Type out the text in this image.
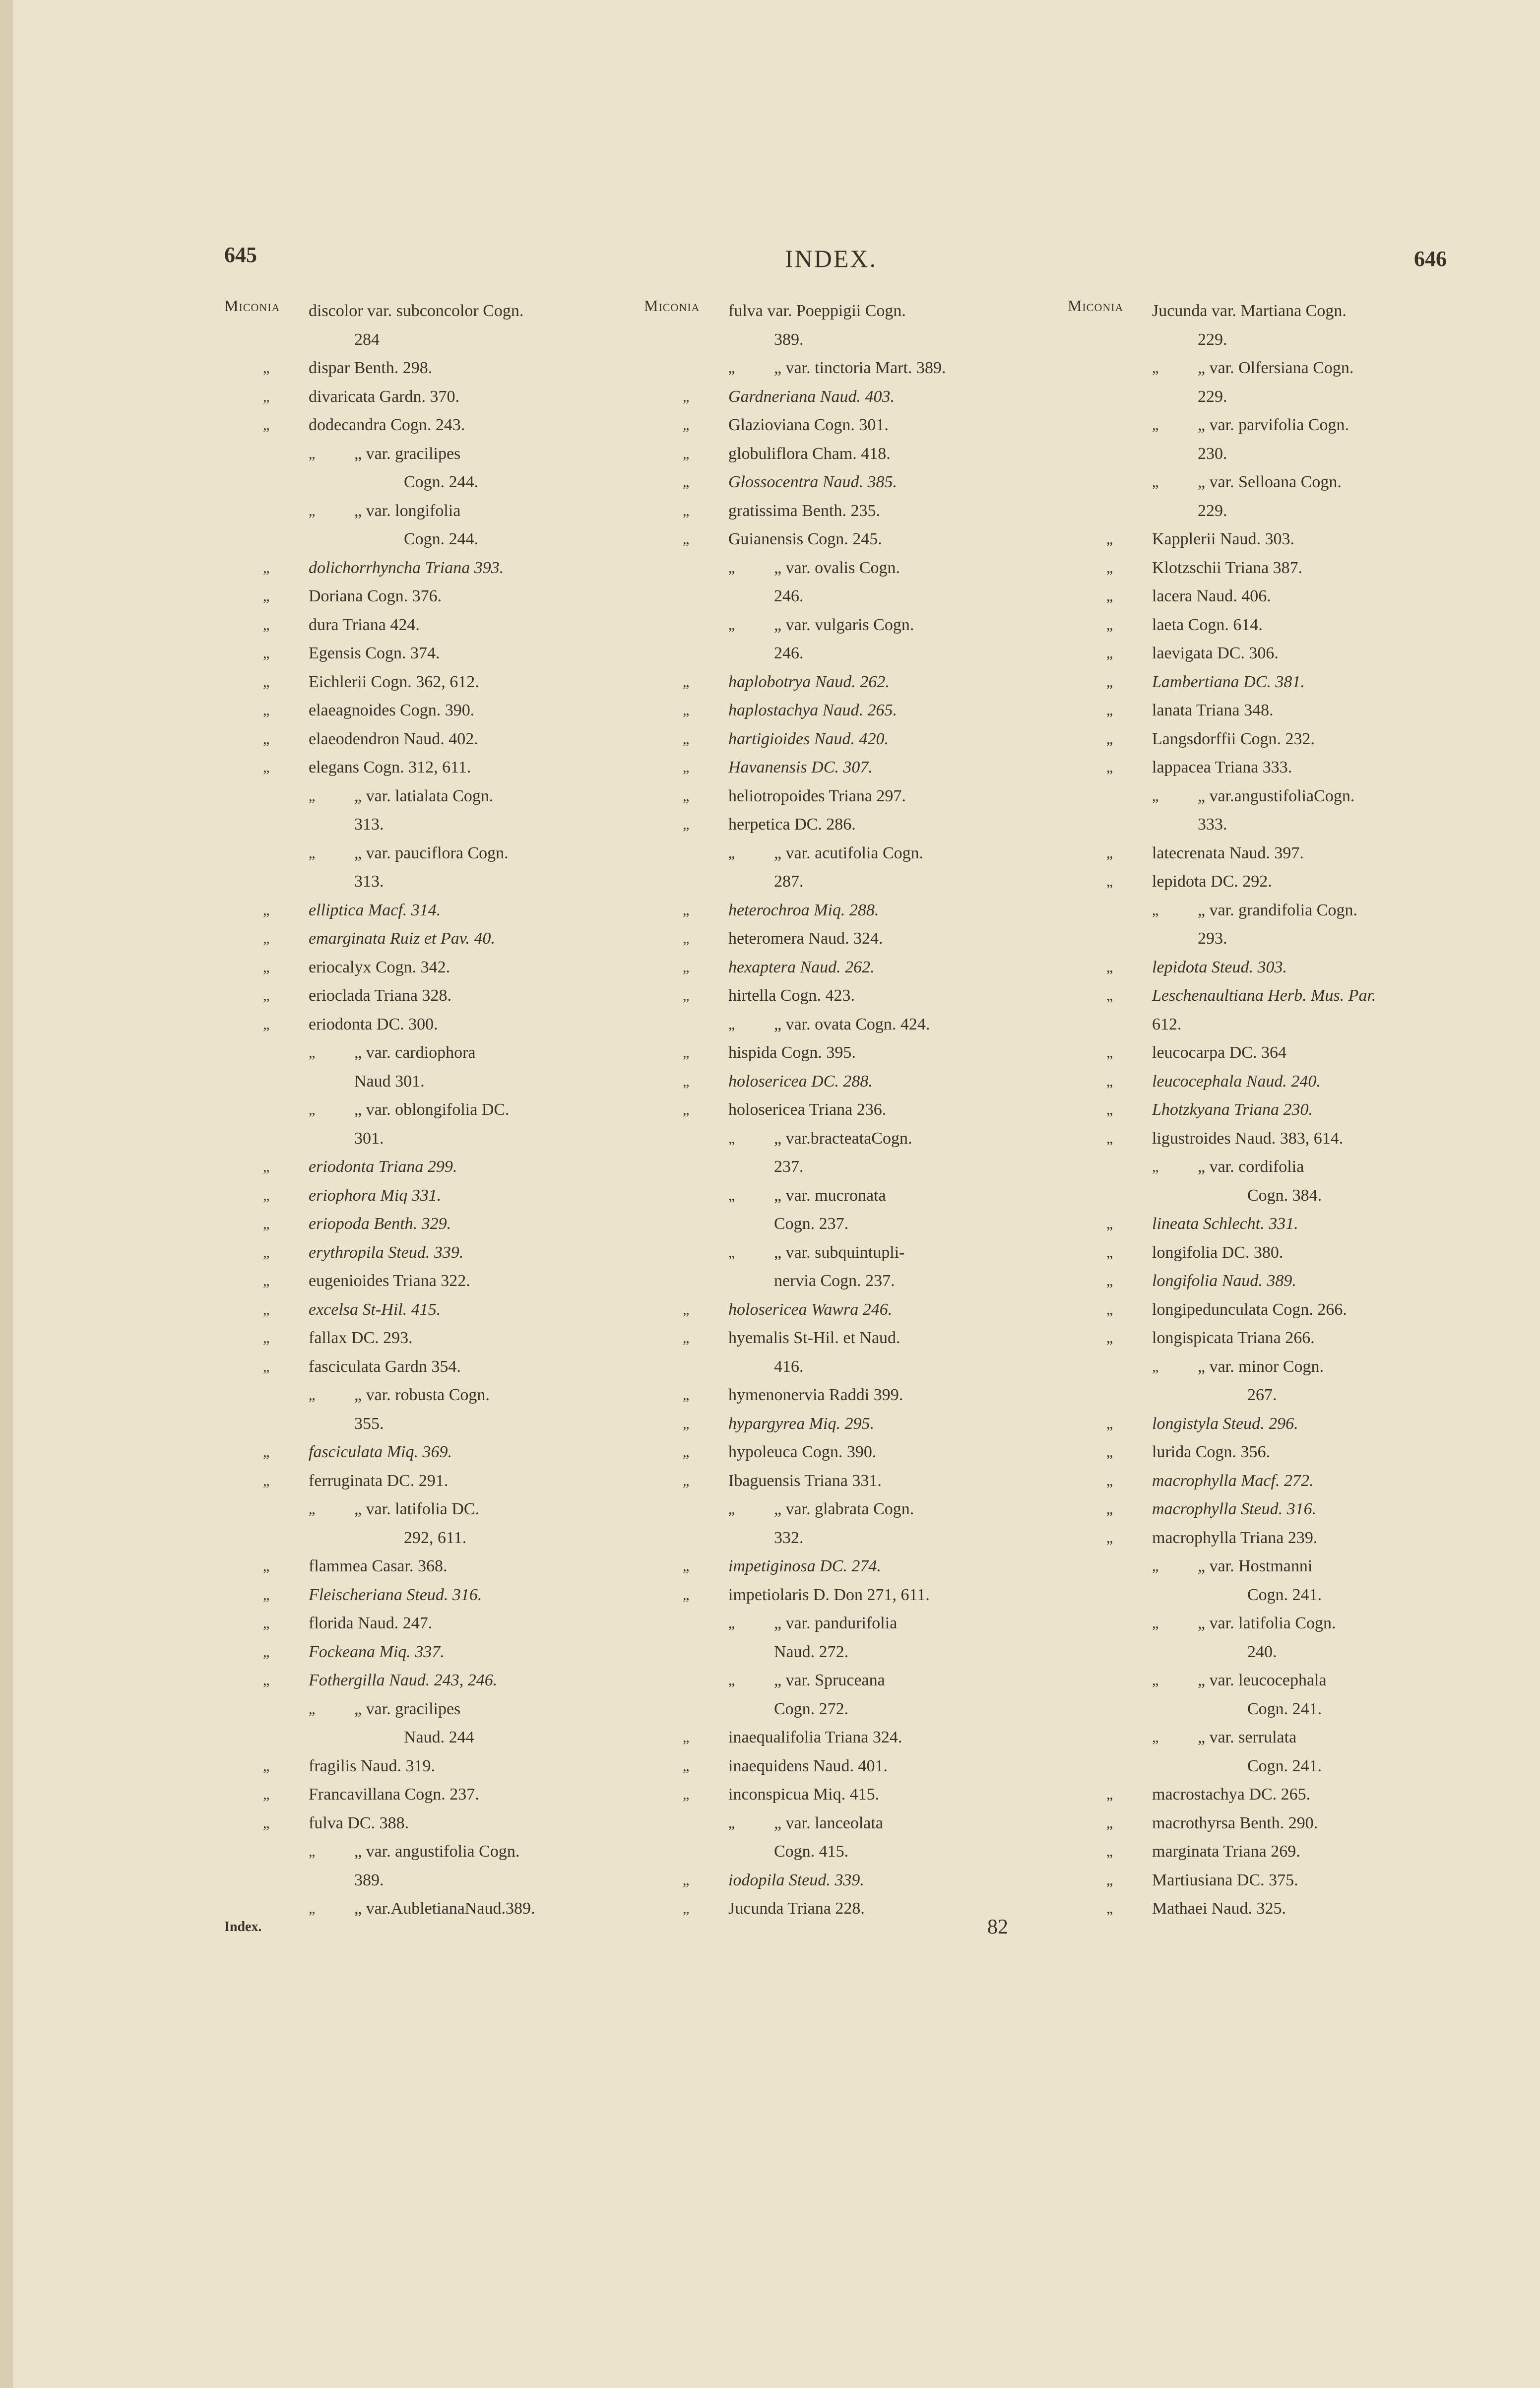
645	INDEX.	646
Miconia discolor var. subconcolor Cogn.
284
„ dispar Benth. 298.
„ divaricata Gardn. 370.
„ dodecandra Cogn. 243.
„ „ var. gracilipes
Cogn. 244.
„ „ var. longifolia
Cogn. 244.
„ dolichorrhyncha Triana 393.
„ Doriana Cogn. 376.
„ dura Triana 424.
„ Egensis Cogn. 374.
„ Eichlerii Cogn. 362, 612.
„ elaeagnoides Cogn. 390.
„ elaeodendron Naud. 402.
„ elegans Cogn. 312, 611.
„ „ var. latialata Cogn.
313.
„ „ var. pauciflora Cogn.
313.
„ elliptica Macf. 314.
„ emarginata Ruiz et Pav. 40.
„ eriocalyx Cogn. 342.
„ erioclada Triana 328.
„ eriodonta DC. 300.
„ „ var. cardiophora
Naud 301.
„ „ var. oblongifolia DC.
301.
„ eriodonta Triana 299.
„ eriophora Miq 331.
„ eriopoda Benth. 329.
„ erythropila Steud. 339.
„ eugenioides Triana 322.
„ excelsa St-Hil. 415.
„ fallax DC. 293.
„ fasciculata Gardn 354.
„ „ var. robusta Cogn.
355.
„ fasciculata Miq. 369.
„ ferruginata DC. 291.
„ „ var. latifolia DC.
292, 611.
„ flammea Casar. 368.
„ Fleischeriana Steud. 316.
„ florida Naud. 247.
„ Fockeana Miq. 337.
„ Fothergilla Naud. 243, 246.
„ „ var. gracilipes
Naud. 244
„ fragilis Naud. 319.
„ Francavillana Cogn. 237.
„ fulva DC. 388.
„ „ var. angustifolia Cogn.
389.
„ „ var.AubletianaNaud.389.
Miconia fulva var. Poeppigii Cogn.
389.
„ „ var. tinctoria Mart. 389.
„ Gardneriana Naud. 403.
„ Glazioviana Cogn. 301.
„ globuliflora Cham. 418.
„ Glossocentra Naud. 385.
„ gratissima Benth. 235.
„ Guianensis Cogn. 245.
„ „ var. ovalis Cogn.
246.
„ „ var. vulgaris Cogn.
246.
„ haplobotrya Naud. 262.
„ haplostachya Naud. 265.
„ hartigioides Naud. 420.
„ Havanensis DC. 307.
„ heliotropoides Triana 297.
„ herpetica DC. 286.
„ „ var. acutifolia Cogn.
287.
„ heterochroa Miq. 288.
„ heteromera Naud. 324.
„ hexaptera Naud. 262.
„ hirtella Cogn. 423.
„ „ var. ovata Cogn. 424.
„ hispida Cogn. 395.
„ holosericea DC. 288.
„ holosericea Triana 236.
„ „ var.bracteataCogn.
237.
„ „ var. mucronata
Cogn. 237.
„ „ var. subquintupli-
nervia Cogn. 237.
„ holosericea Wawra 246.
„ hyemalis St-Hil. et Naud.
416.
„ hymenonervia Raddi 399.
„ hypargyrea Miq. 295.
„ hypoleuca Cogn. 390.
„ Ibaguensis Triana 331.
„ „ var. glabrata Cogn.
332.
„ impetiginosa DC. 274.
„ impetiolaris D. Don 271, 611.
„ „ var. pandurifolia
Naud. 272.
„ „ var. Spruceana
Cogn. 272.
„ inaequalifolia Triana 324.
„ inaequidens Naud. 401.
„ inconspicua Miq. 415.
„ „ var. lanceolata
Cogn. 415.
„ iodopila Steud. 339.
„ Jucunda Triana 228.
Miconia Jucunda var. Martiana Cogn.
229.
„ „ var. Olfersiana Cogn.
229.
„ „ var. parvifolia Cogn.
230.
„ „ var. Selloana Cogn.
229.
„ Kapplerii Naud. 303.
„ Klotzschii Triana 387.
„ lacera Naud. 406.
„ laeta Cogn. 614.
„ laevigata DC. 306.
„ Lambertiana DC. 381.
„ lanata Triana 348.
„ Langsdorffii Cogn. 232.
„ lappacea Triana 333.
„ „ var.angustifoliaCogn.
333.
„ latecrenata Naud. 397.
„ lepidota DC. 292.
„ „ var. grandifolia Cogn.
293.
„ lepidota Steud. 303.
„ Leschenaultiana Herb. Mus. Par.
612.
„ leucocarpa DC. 364
„ leucocephala Naud. 240.
„ Lhotzkyana Triana 230.
„ ligustroides Naud. 383, 614.
„ „ var. cordifolia
Cogn. 384.
„ lineata Schlecht. 331.
„ longifolia DC. 380.
„ longifolia Naud. 389.
„ longipedunculata Cogn. 266.
„ longispicata Triana 266.
„ „ var. minor Cogn.
267.
„ longistyla Steud. 296.
„ lurida Cogn. 356.
„ macrophylla Macf. 272.
„ macrophylla Steud. 316.
„ macrophylla Triana 239.
„ „ var. Hostmanni
Cogn. 241.
„ „ var. latifolia Cogn.
240.
„ „ var. leucocephala
Cogn. 241.
„ „ var. serrulata
Cogn. 241.
„ macrostachya DC. 265.
„ macrothyrsa Benth. 290.
„ marginata Triana 269.
„ Martiusiana DC. 375.
„ Mathaei Naud. 325.
Index.	82
